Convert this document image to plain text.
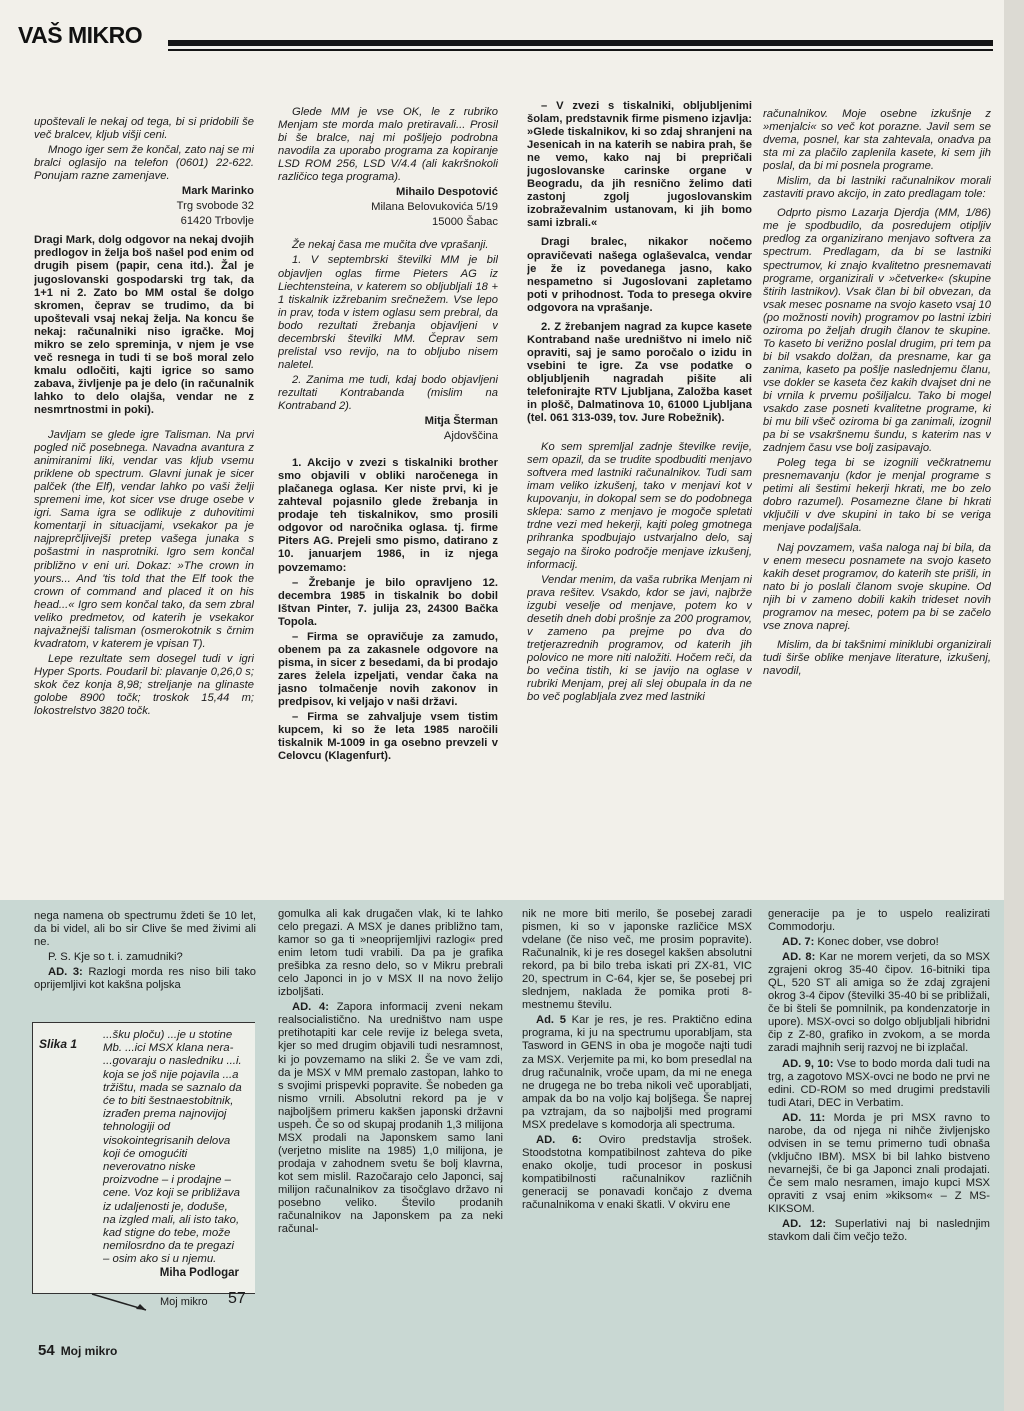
VAŠ MIKRO

upoštevali le nekaj od tega, bi si pridobili še več bralcev, kljub višji ceni.

Mnogo iger sem že končal, zato naj se mi bralci oglasijo na telefon (0601) 22-622. Ponujam razne zamenjave.

Mark Marinko

Trg svobode 32

61420 Trbovlje

Dragi Mark, dolg odgovor na nekaj dvojih predlogov in želja boš našel pod enim od drugih pisem (papir, cena itd.). Žal je jugoslovanski gospodarski trg tak, da 1+1 ni 2. Zato bo MM ostal še dolgo skromen, čeprav se trudimo, da bi upoštevali vsaj nekaj želja. Na koncu še nekaj: računalniki niso igračke. Moj mikro se zelo spreminja, v njem je vse več resnega in tudi ti se boš moral zelo kmalu odločiti, kajti igrice so samo zabava, življenje pa je delo (in računalnik lahko to delo olajša, vendar ne z nesmrtnostmi in poki).

Javljam se glede igre Talisman. Na prvi pogled nič posebnega. Navadna avantura z animiranimi liki, vendar vas kljub vsemu priklene ob spectrum. Glavni junak je sicer palček (the Elf), vendar lahko po vaši želji spremeni ime, kot sicer vse druge osebe v igri. Sama igra se odlikuje z duhovitimi komentarji in situacijami, vsekakor pa je najpreprčljivejši pretep vašega junaka s pošastmi in nasprotniki. Igro sem končal približno v eni uri. Dokaz: »The crown in yours... And 'tis told that the Elf took the crown of command and placed it on his head...« Igro sem končal tako, da sem zbral veliko predmetov, od katerih je vsekakor najvažnejši talisman (osmerokotnik s črnim kvadratom, v katerem je vpisan T).

Lepe rezultate sem dosegel tudi v igri Hyper Sports. Poudaril bi: plavanje 0,26,0 s; skok čez konja 8,98; streljanje na glinaste golobe 8900 točk; troskok 15,44 m; lokostrelstvo 3820 točk.

Glede MM je vse OK, le z rubriko Menjam ste morda malo pretiravali... Prosil bi še bralce, naj mi pošljejo podrobna navodila za uporabo programa za kopiranje LSD ROM 256, LSD V/4.4 (ali kakršnokoli različico tega programa).

Mihailo Despotović

Milana Belovukovića 5/19

15000 Šabac

Že nekaj časa me mučita dve vprašanji.

1. V septembrski številki MM je bil objavljen oglas firme Pieters AG iz Liechtensteina, v katerem so obljubljali 18 + 1 tiskalnik izžrebanim srečnežem. Vse lepo in prav, toda v istem oglasu sem prebral, da bodo rezultati žrebanja objavljeni v decembrski številki MM. Čeprav sem prelistal vso revijo, na to obljubo nisem naletel.

2. Zanima me tudi, kdaj bodo objavljeni rezultati Kontrabanda (mislim na Kontraband 2).

Mitja Šterman

Ajdovščina

1. Akcijo v zvezi s tiskalniki brother smo objavili v obliki naročenega in plačanega oglasa. Ker niste prvi, ki je zahteval pojasnilo glede žrebanja in prodaje teh tiskalnikov, smo prosili odgovor od naročnika oglasa. tj. firme Piters AG. Prejeli smo pismo, datirano z 10. januarjem 1986, in iz njega povzemamo:

– Žrebanje je bilo opravljeno 12. decembra 1985 in tiskalnik bo dobil Ištvan Pinter, 7. julija 23, 24300 Bačka Topola.

– Firma se opravičuje za zamudo, obenem pa za zakasnele odgovore na pisma, in sicer z besedami, da bi prodajo zares želela izpeljati, vendar čaka na jasno tolmačenje novih zakonov in predpisov, ki veljajo v naši državi.

– Firma se zahvaljuje vsem tistim kupcem, ki so že leta 1985 naročili tiskalnik M-1009 in ga osebno prevzeli v Celovcu (Klagenfurt).

– V zvezi s tiskalniki, obljubljenimi šolam, predstavnik firme pismeno izjavlja: »Glede tiskalnikov, ki so zdaj shranjeni na Jesenicah in na katerih se nabira prah, še ne vemo, kako naj bi prepričali jugoslovanske carinske organe v Beogradu, da jih resnično želimo dati zastonj zgolj jugoslovanskim izobraževalnim ustanovam, ki jih bomo sami izbrali.«

Dragi bralec, nikakor nočemo opravičevati našega oglaševalca, vendar je že iz povedanega jasno, kako nespametno si Jugoslovani zapletamo poti v prihodnost. Toda to presega okvire odgovora na vprašanje.

2. Z žrebanjem nagrad za kupce kasete Kontraband naše uredništvo ni imelo nič opraviti, saj je samo poročalo o izidu in vsebini te igre. Za vse podatke o obljubljenih nagradah pišite ali telefonirajte RTV Ljubljana, Založba kaset in plošč, Dalmatinova 10, 61000 Ljubljana (tel. 061 313-039, tov. Jure Robežnik).

Ko sem spremljal zadnje številke revije, sem opazil, da se trudite spodbuditi menjavo softvera med lastniki računalnikov. Tudi sam imam veliko izkušenj, tako v menjavi kot v kupovanju, in dokopal sem se do podobnega sklepa: samo z menjavo je mogoče spletati trdne vezi med hekerji, kajti poleg gmotnega prihranka spodbujajo ustvarjalno delo, saj segajo na široko področje menjave izkušenj, informacij.

Vendar menim, da vaša rubrika Menjam ni prava rešitev. Vsakdo, kdor se javi, najbrže izgubi veselje od menjave, potem ko v desetih dneh dobi prošnje za 200 programov, v zameno pa prejme po dva do tretjerazrednih programov, od katerih jih polovico ne more niti naložiti. Hočem reči, da bo večina tistih, ki se javijo na oglase v rubriki Menjam, prej ali slej obupala in da ne bo več poglabljala zvez med lastniki

računalnikov. Moje osebne izkušnje z »menjalci« so več kot porazne. Javil sem se dvema, posnel, kar sta zahtevala, onadva pa sta mi za plačilo zaplenila kasete, ki sem jih poslal, da bi mi posnela programe.

Mislim, da bi lastniki računalnikov morali zastaviti pravo akcijo, in zato predlagam tole:

Odprto pismo Lazarja Djerdja (MM, 1/86) me je spodbudilo, da posredujem otipljiv predlog za organizirano menjavo softvera za spectrum. Predlagam, da bi se lastniki spectrumov, ki znajo kvalitetno presnemavati programe, organizirali v »četverke« (skupine štirih lastnikov). Vsak član bi bil obvezan, da vsak mesec posname na svojo kaseto vsaj 10 (po možnosti novih) programov po lastni izbiri oziroma po željah drugih članov te skupine. To kaseto bi verižno poslal drugim, pri tem pa bi bil vsakdo dolžan, da presname, kar ga zanima, kaseto pa pošlje naslednjemu članu, vse dokler se kaseta čez kakih dvajset dni ne bi vrnila k prvemu pošiljalcu. Tako bi mogel vsakdo zase posneti kvalitetne programe, ki bi mu bili všeč oziroma bi ga zanimali, izognil pa bi se vsakršnemu šundu, s katerim nas v zadnjem času vse bolj zasipavajo.

Poleg tega bi se izognili večkratnemu presnemavanju (kdor je menjal programe s petimi ali šestimi hekerji hkrati, me bo zelo dobro razumel). Posamezne člane bi hkrati vključili v dve skupini in tako bi se veriga menjave podaljšala.

Naj povzamem, vaša naloga naj bi bila, da v enem mesecu posnamete na svojo kaseto kakih deset programov, do katerih ste prišli, in nato bi jo poslali članom svoje skupine. Od njih bi v zameno dobili kakih trideset novih programov na mesec, potem pa bi se začelo vse znova naprej.

Mislim, da bi takšnimi miniklubi organizirali tudi širše oblike menjave literature, izkušenj, navodil,

nega namena ob spectrumu ždeti še 10 let, da bi videl, ali bo sir Clive še med živimi ali ne.

P. S. Kje so t. i. zamudniki?

AD. 3: Razlogi morda res niso bili tako oprijemljivi kot kakšna poljska

Slika 1
...šku ploču) ...je u stotine Mb. ...ici MSX klana nera- ...govaraju o nasledniku ...i. koja se još nije pojavila ...a tržištu, mada se saznalo da će to biti šestnaestobitnik, izrađen prema najnovijoj tehnologiji od visokointegrisanih delova koji će omogućiti neverovatno niske proizvodne – i prodajne – cene. Voz koji se približava iz udaljenosti je, doduše, na izgled mali, ali isto tako, kad stigne do tebe, može nemilosrdno da te pregazi – osim ako si u njemu.
Miha Podlogar
Moj mikro 57

gomulka ali kak drugačen vlak, ki te lahko celo pregazi. A MSX je danes približno tam, kamor so ga ti »neoprijemljivi razlogi« pred enim letom tudi vrabili. Da pa je grafika prešibka za resno delo, so v Mikru prebrali celo Japonci in jo v MSX II na novo želijo izboljšati.

AD. 4: Zapora informacij zveni nekam realsocialistično. Na uredništvo nam uspe pretihotapiti kar cele revije iz belega sveta, kjer so med drugim objavili tudi nesramnost, ki jo povzemamo na sliki 2. Še ve vam zdi, da je MSX v MM premalo zastopan, lahko to s svojimi prispevki popravite. Še nobeden ga nismo vrnili. Absolutni rekord pa je v najboljšem primeru kakšen japonski državni uspeh. Če so od skupaj prodanih 1,3 milijona MSX prodali na Japonskem samo lani (verjetno mislite na 1985) 1,0 milijona, je prodaja v zahodnem svetu še bolj klavrna, kot sem mislil. Razočarajo celo Japonci, saj milijon računalnikov za tisočglavo državo ni posebno veliko. Število prodanih računalnikov na Japonskem pa za neki računal-

nik ne more biti merilo, še posebej zaradi pismen, ki so v japonske različice MSX vdelane (če niso več, me prosim popravite). Računalnik, ki je res dosegel kakšen absolutni rekord, pa bi bilo treba iskati pri ZX-81, VIC 20, spectrum in C-64, kjer se, še posebej pri slednjem, naklada že pomika proti 8-mestnemu številu.

Ad. 5 Kar je res, je res. Praktično edina programa, ki ju na spectrumu uporabljam, sta Tasword in GENS in oba je mogoče najti tudi za MSX. Verjemite pa mi, ko bom presedlal na drug računalnik, vroče upam, da mi ne enega ne drugega ne bo treba nikoli več uporabljati, ampak da bo na voljo kaj boljšega. Še naprej pa vztrajam, da so najboljši med programi MSX predelave s komodorja ali spectruma.

AD. 6: Oviro predstavlja strošek. Stoodstotna kompatibilnost zahteva do pike enako okolje, tudi procesor in poskusi kompatibilnosti računalnikov različnih generacij se ponavadi končajo z dvema računalnikoma v enaki škatli. V okviru ene

generacije pa je to uspelo realizirati Commodorju.

AD. 7: Konec dober, vse dobro!

AD. 8: Kar ne morem verjeti, da so MSX zgrajeni okrog 35-40 čipov. 16-bitniki tipa QL, 520 ST ali amiga so že zdaj zgrajeni okrog 3-4 čipov (številki 35-40 bi se približali, če bi šteli še pomnilnik, pa kondenzatorje in upore). MSX-ovci so dolgo obljubljali hibridni čip z Z-80, grafiko in zvokom, a se morda zaradi majhnih serij razvoj ne bi izplačal.

AD. 9, 10: Vse to bodo morda dali tudi na trg, a zagotovo MSX-ovci ne bodo ne prvi ne edini. CD-ROM so med drugimi predstavili tudi Atari, DEC in Verbatim.

AD. 11: Morda je pri MSX ravno to narobe, da od njega ni nihče življenjsko odvisen in se temu primerno tudi obnaša (vključno IBM). MSX bi bil lahko bistveno nevarnejši, če bi ga Japonci znali prodajati. Če sem malo nesramen, imajo kupci MSX opraviti z vsaj enim »kiksom« – Z MS-KIKSOM.

AD. 12: Superlativi naj bi naslednjim stavkom dali čim večjo težo.

54 Moj mikro
